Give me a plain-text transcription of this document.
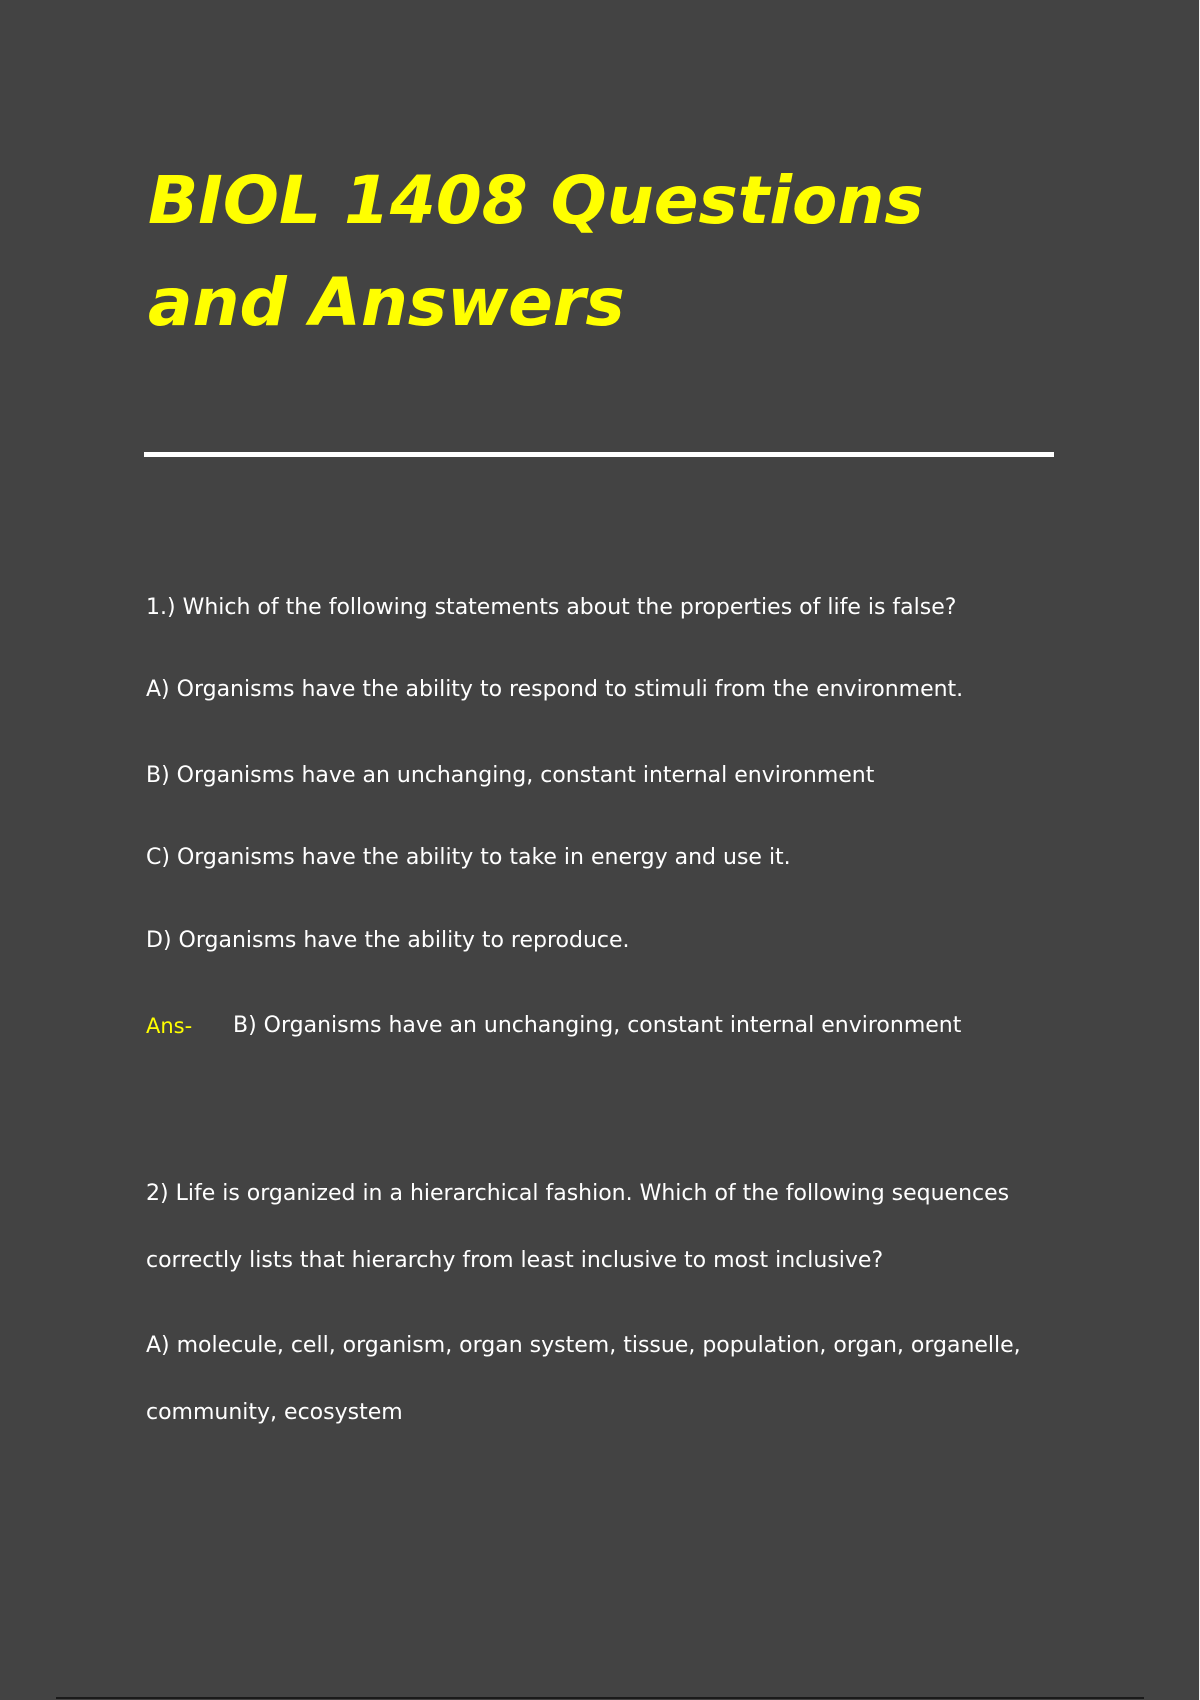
BIOL 1408 Questions and Answers

1.) Which of the following statements about the properties of life is false?

A) Organisms have the ability to respond to stimuli from the environment.

B) Organisms have an unchanging, constant internal environment

C) Organisms have the ability to take in energy and use it.

D) Organisms have the ability to reproduce.

Ans- B) Organisms have an unchanging, constant internal environment

2) Life is organized in a hierarchical fashion. Which of the following sequences

correctly lists that hierarchy from least inclusive to most inclusive?

A) molecule, cell, organism, organ system, tissue, population, organ, organelle,

community, ecosystem
